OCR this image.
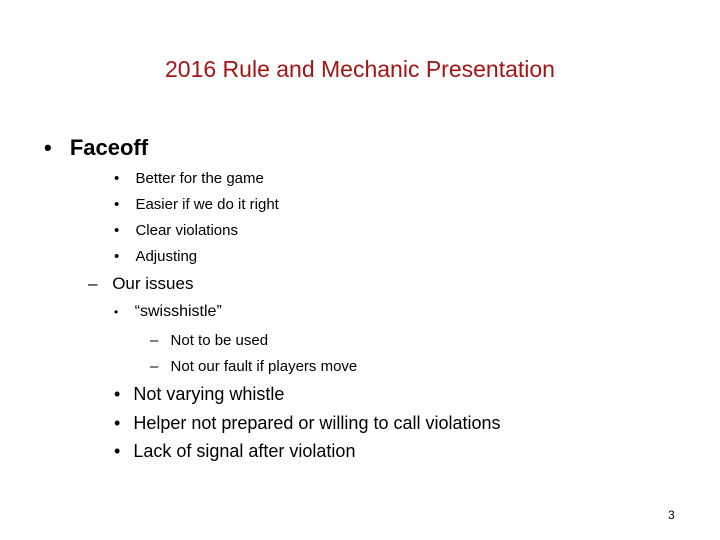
2016 Rule and Mechanic Presentation
• Faceoff
• Better for the game
• Easier if we do it right
• Clear violations
• Adjusting
– Our issues
• “swisshistle”
– Not to be used
– Not our fault if players move
• Not varying whistle
• Helper not prepared or willing to call violations
• Lack of signal after violation
3
